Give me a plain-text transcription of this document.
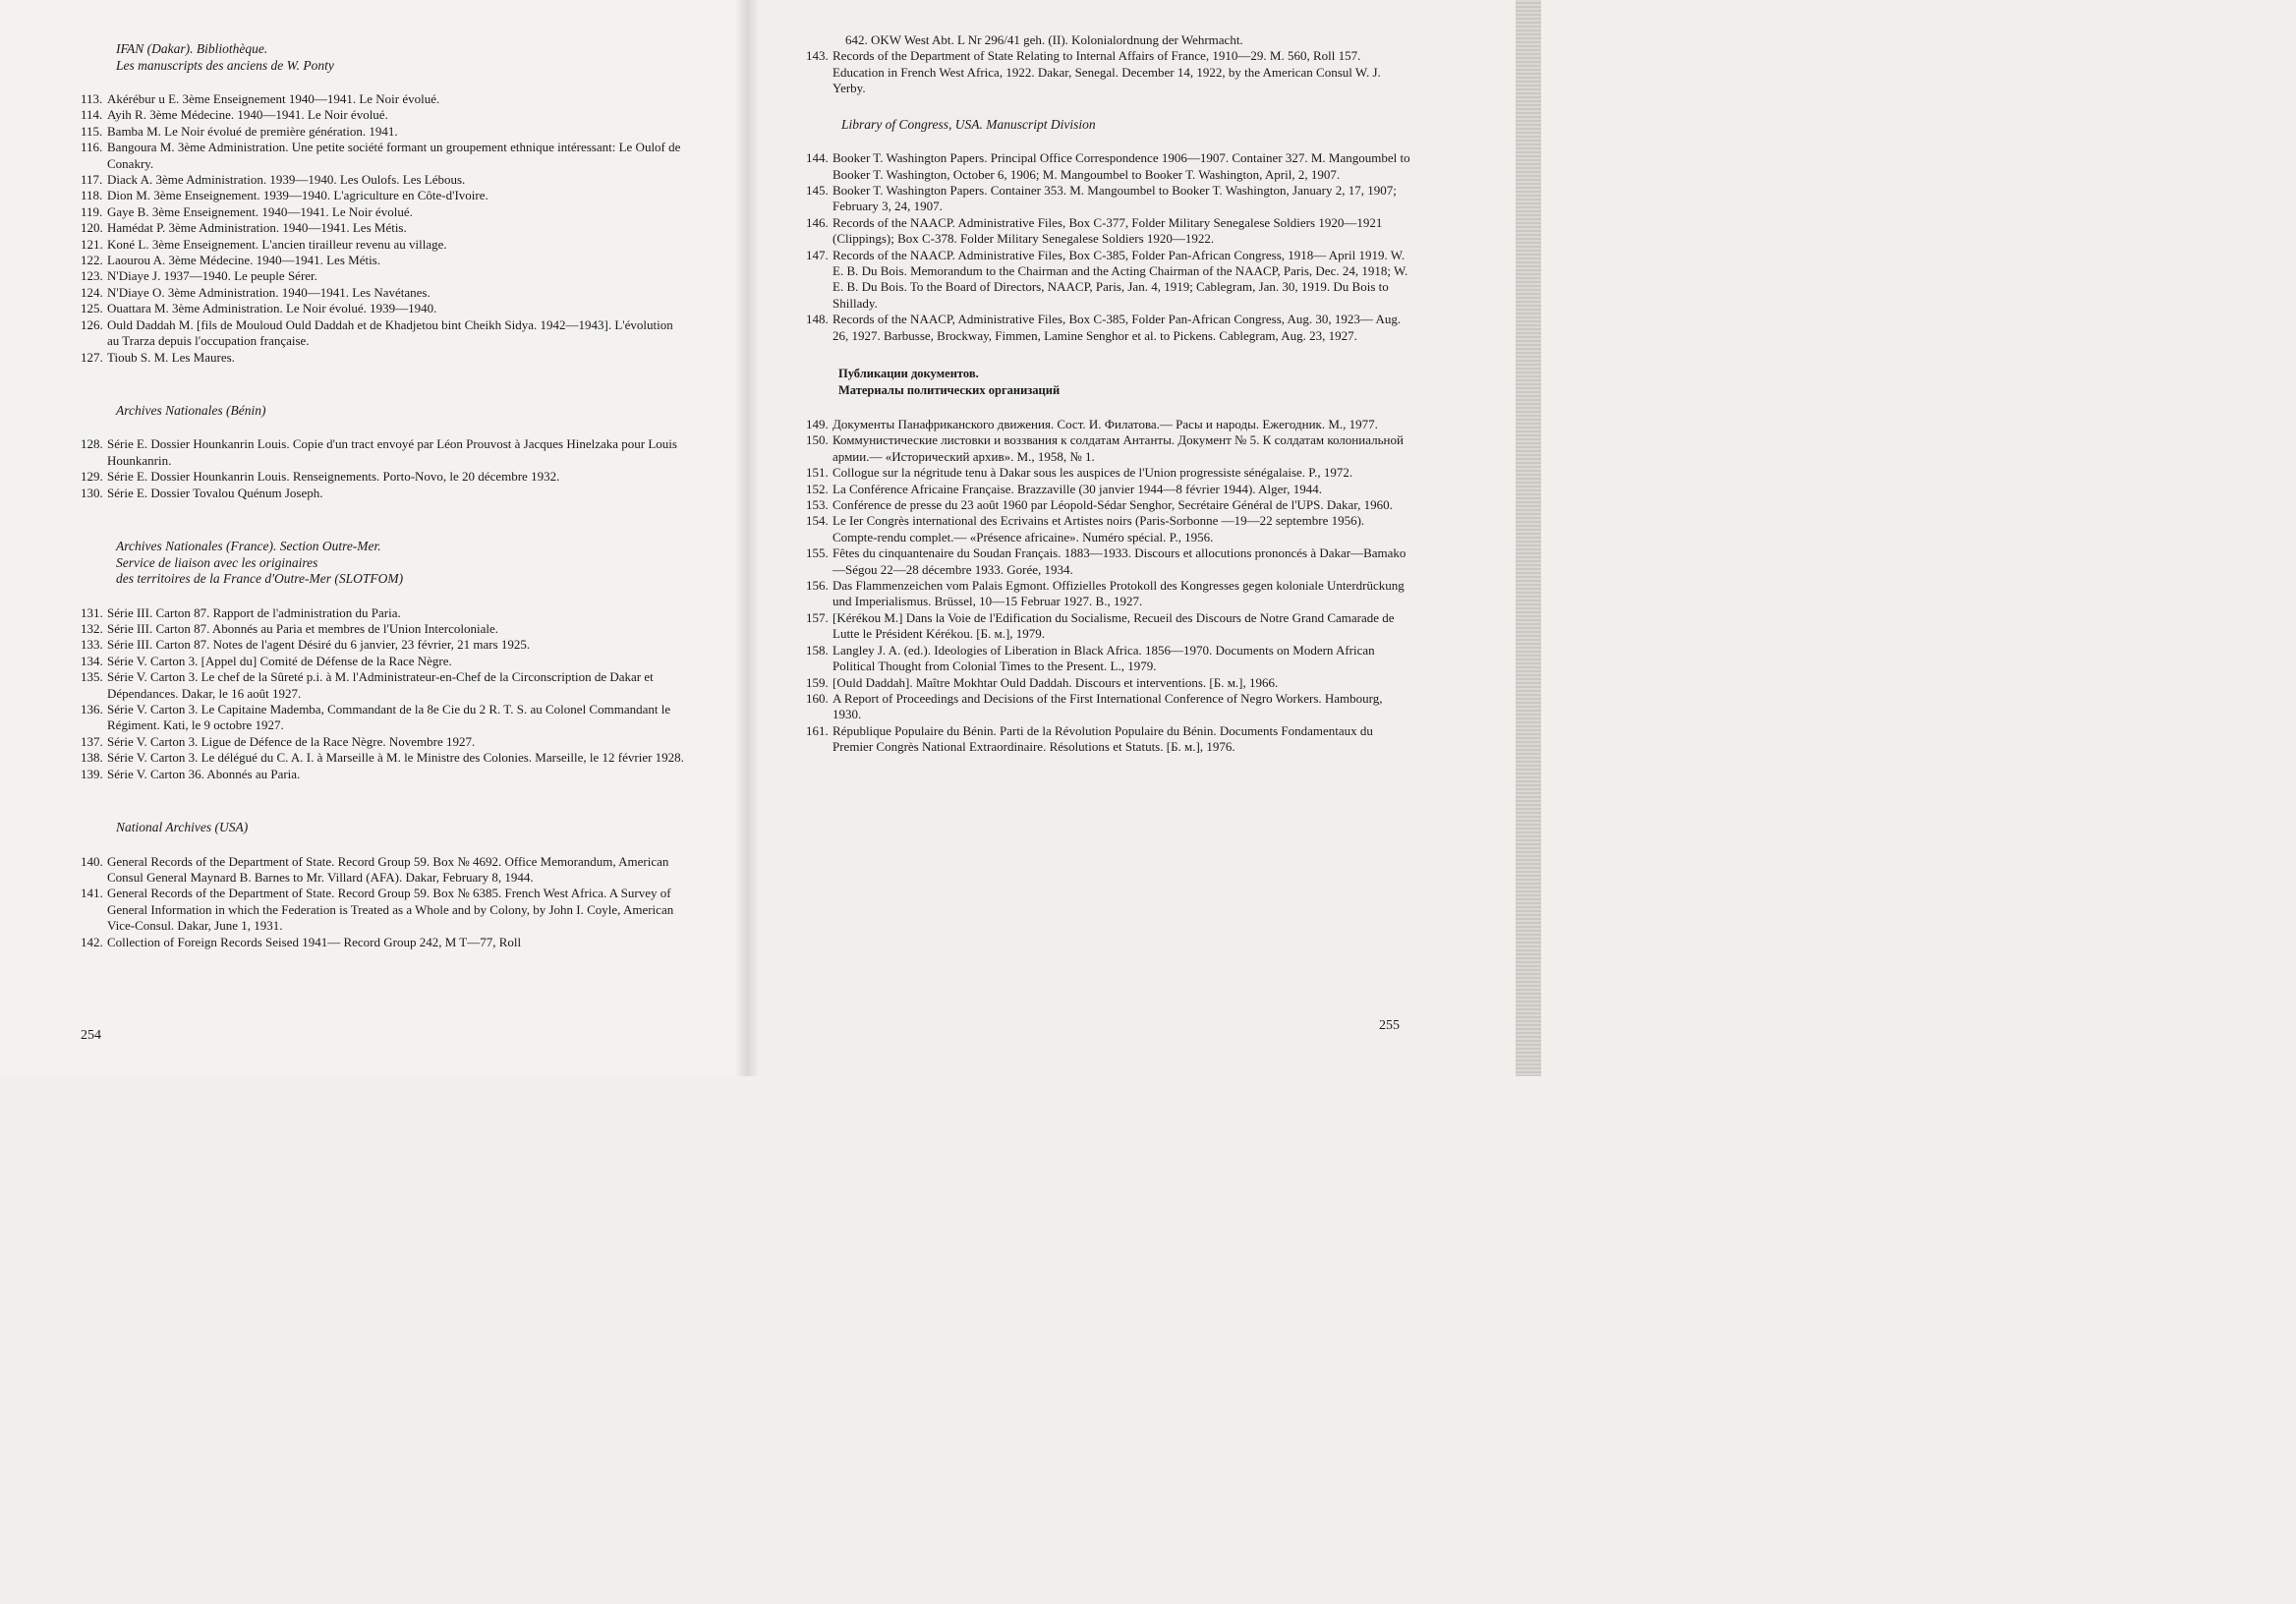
IFAN (Dakar). Bibliothèque.
Les manuscripts des anciens de W. Ponty
113. Akérébur u E. 3ème Enseignement 1940—1941. Le Noir évolué.
114. Ayih R. 3ème Médecine. 1940—1941. Le Noir évolué.
115. Bamba M. Le Noir évolué de première génération. 1941.
116. Bangoura M. 3ème Administration. Une petite société formant un groupement ethnique intéressant: Le Oulof de Conakry.
117. Diack A. 3ème Administration. 1939—1940. Les Oulofs. Les Lébous.
118. Dion M. 3ème Enseignement. 1939—1940. L'agriculture en Côte-d'Ivoire.
119. Gaye B. 3ème Enseignement. 1940—1941. Le Noir évolué.
120. Hamédat P. 3ème Administration. 1940—1941. Les Métis.
121. Koné L. 3ème Enseignement. L'ancien tirailleur revenu au village.
122. Laourou A. 3ème Médecine. 1940—1941. Les Métis.
123. N'Diaye J. 1937—1940. Le peuple Sérer.
124. N'Diaye O. 3ème Administration. 1940—1941. Les Navétanes.
125. Ouattara M. 3ème Administration. Le Noir évolué. 1939—1940.
126. Ould Daddah M. [fils de Mouloud Ould Daddah et de Khadjetou bint Cheikh Sidya. 1942—1943]. L'évolution au Trarza depuis l'occupation française.
127. Tioub S. M. Les Maures.
Archives Nationales (Bénin)
128. Série E. Dossier Hounkanrin Louis. Copie d'un tract envoyé par Léon Prouvost à Jacques Hinelzaka pour Louis Hounkanrin.
129. Série E. Dossier Hounkanrin Louis. Renseignements. Porto-Novo, le 20 décembre 1932.
130. Série E. Dossier Tovalou Quénum Joseph.
Archives Nationales (France). Section Outre-Mer.
Service de liaison avec les originaires
des territoires de la France d'Outre-Mer (SLOTFOM)
131. Série III. Carton 87. Rapport de l'administration du Paria.
132. Série III. Carton 87. Abonnés au Paria et membres de l'Union Intercoloniale.
133. Série III. Carton 87. Notes de l'agent Désiré du 6 janvier, 23 février, 21 mars 1925.
134. Série V. Carton 3. [Appel du] Comité de Défense de la Race Nègre.
135. Série V. Carton 3. Le chef de la Sûreté p.i. à M. l'Administrateur-en-Chef de la Circonscription de Dakar et Dépendances. Dakar, le 16 août 1927.
136. Série V. Carton 3. Le Capitaine Mademba, Commandant de la 8e Cie du 2 R. T. S. au Colonel Commandant le Régiment. Kati, le 9 octobre 1927.
137. Série V. Carton 3. Ligue de Défence de la Race Nègre. Novembre 1927.
138. Série V. Carton 3. Le délégué du C. A. I. à Marseille à M. le Ministre des Colonies. Marseille, le 12 février 1928.
139. Série V. Carton 36. Abonnés au Paria.
National Archives (USA)
140. General Records of the Department of State. Record Group 59. Box № 4692. Office Memorandum, American Consul General Maynard B. Barnes to Mr. Villard (AFA). Dakar, February 8, 1944.
141. General Records of the Department of State. Record Group 59. Box № 6385. French West Africa. A Survey of General Information in which the Federation is Treated as a Whole and by Colony, by John I. Coyle, American Vice-Consul. Dakar, June 1, 1931.
142. Collection of Foreign Records Seised 1941— Record Group 242, M T—77, Roll

642. OKW West Abt. L Nr 296/41 geh. (II). Kolonialordnung der Wehrmacht.

143. Records of the Department of State Relating to Internal Affairs of France, 1910—29. M. 560, Roll 157. Education in French West Africa, 1922. Dakar, Senegal. December 14, 1922, by the American Consul W. J. Yerby.
Library of Congress, USA. Manuscript Division
144. Booker T. Washington Papers. Principal Office Correspondence 1906—1907. Container 327. M. Mangoumbel to Booker T. Washington, October 6, 1906; M. Mangoumbel to Booker T. Washington, April, 2, 1907.
145. Booker T. Washington Papers. Container 353. M. Mangoumbel to Booker T. Washington, January 2, 17, 1907; February 3, 24, 1907.
146. Records of the NAACP. Administrative Files, Box C-377, Folder Military Senegalese Soldiers 1920—1921 (Clippings); Box C-378. Folder Military Senegalese Soldiers 1920—1922.
147. Records of the NAACP. Administrative Files, Box C-385, Folder Pan-African Congress, 1918— April 1919. W. E. B. Du Bois. Memorandum to the Chairman and the Acting Chairman of the NAACP, Paris, Dec. 24, 1918; W. E. B. Du Bois. To the Board of Directors, NAACP, Paris, Jan. 4, 1919; Cablegram, Jan. 30, 1919. Du Bois to Shillady.
148. Records of the NAACP, Administrative Files, Box C-385, Folder Pan-African Congress, Aug. 30, 1923— Aug. 26, 1927. Barbusse, Brockway, Fimmen, Lamine Senghor et al. to Pickens. Cablegram, Aug. 23, 1927.
Публикации документов.
Материалы политических организаций
149. Документы Панафриканского движения. Сост. И. Филатова.— Расы и народы. Ежегодник. М., 1977.
150. Коммунистические листовки и воззвания к солдатам Антанты. Документ № 5. К солдатам колониальной армии.— «Исторический архив». М., 1958, № 1.
151. Collogue sur la négritude tenu à Dakar sous les auspices de l'Union progressiste sénégalaise. P., 1972.
152. La Conférence Africaine Française. Brazzaville (30 janvier 1944—8 février 1944). Alger, 1944.
153. Conférence de presse du 23 août 1960 par Léopold-Sédar Senghor, Secrétaire Général de l'UPS. Dakar, 1960.
154. Le Ier Congrès international des Ecrivains et Artistes noirs (Paris-Sorbonne —19—22 septembre 1956). Compte-rendu complet.— «Présence africaine». Numéro spécial. P., 1956.
155. Fêtes du cinquantenaire du Soudan Français. 1883—1933. Discours et allocutions prononcés à Dakar—Bamako—Ségou 22—28 décembre 1933. Gorée, 1934.
156. Das Flammenzeichen vom Palais Egmont. Offizielles Protokoll des Kongresses gegen koloniale Unterdrückung und Imperialismus. Brüssel, 10—15 Februar 1927. B., 1927.
157. [Kérékou M.] Dans la Voie de l'Edification du Socialisme, Recueil des Discours de Notre Grand Camarade de Lutte le Président Kérékou. [Б. м.], 1979.
158. Langley J. A. (ed.). Ideologies of Liberation in Black Africa. 1856—1970. Documents on Modern African Political Thought from Colonial Times to the Present. L., 1979.
159. [Ould Daddah]. Maître Mokhtar Ould Daddah. Discours et interventions. [Б. м.], 1966.
160. A Report of Proceedings and Decisions of the First International Conference of Negro Workers. Hambourg, 1930.
161. République Populaire du Bénin. Parti de la Révolution Populaire du Bénin. Documents Fondamentaux du Premier Congrès National Extraordinaire. Résolutions et Statuts. [Б. м.], 1976.
254
255
